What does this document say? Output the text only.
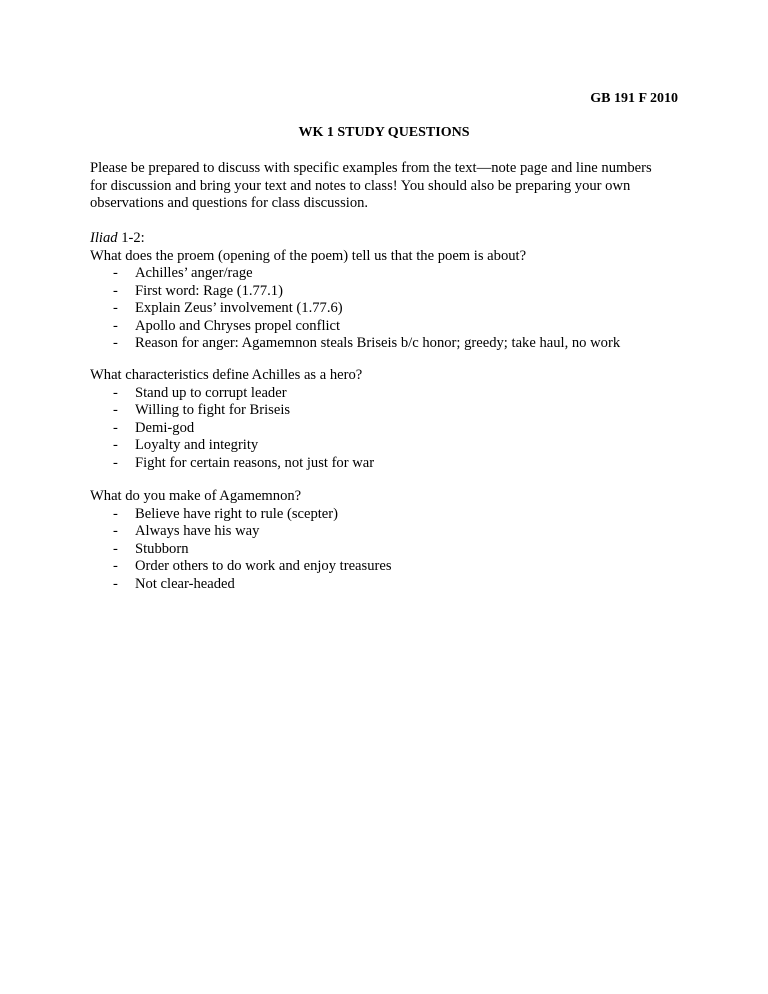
GB 191 F 2010
WK 1 STUDY QUESTIONS
Please be prepared to discuss with specific examples from the text—note page and line numbers
for discussion and bring your text and notes to class! You should also be preparing your own
observations and questions for class discussion.
Iliad 1-2:
What does the proem (opening of the poem) tell us that the poem is about?
- Achilles’ anger/rage
- First word: Rage (1.77.1)
- Explain Zeus’ involvement (1.77.6)
- Apollo and Chryses propel conflict
- Reason for anger: Agamemnon steals Briseis b/c honor; greedy; take haul, no work
What characteristics define Achilles as a hero?
- Stand up to corrupt leader
- Willing to fight for Briseis
- Demi-god
- Loyalty and integrity
- Fight for certain reasons, not just for war
What do you make of Agamemnon?
- Believe have right to rule (scepter)
- Always have his way
- Stubborn
- Order others to do work and enjoy treasures
- Not clear-headed
